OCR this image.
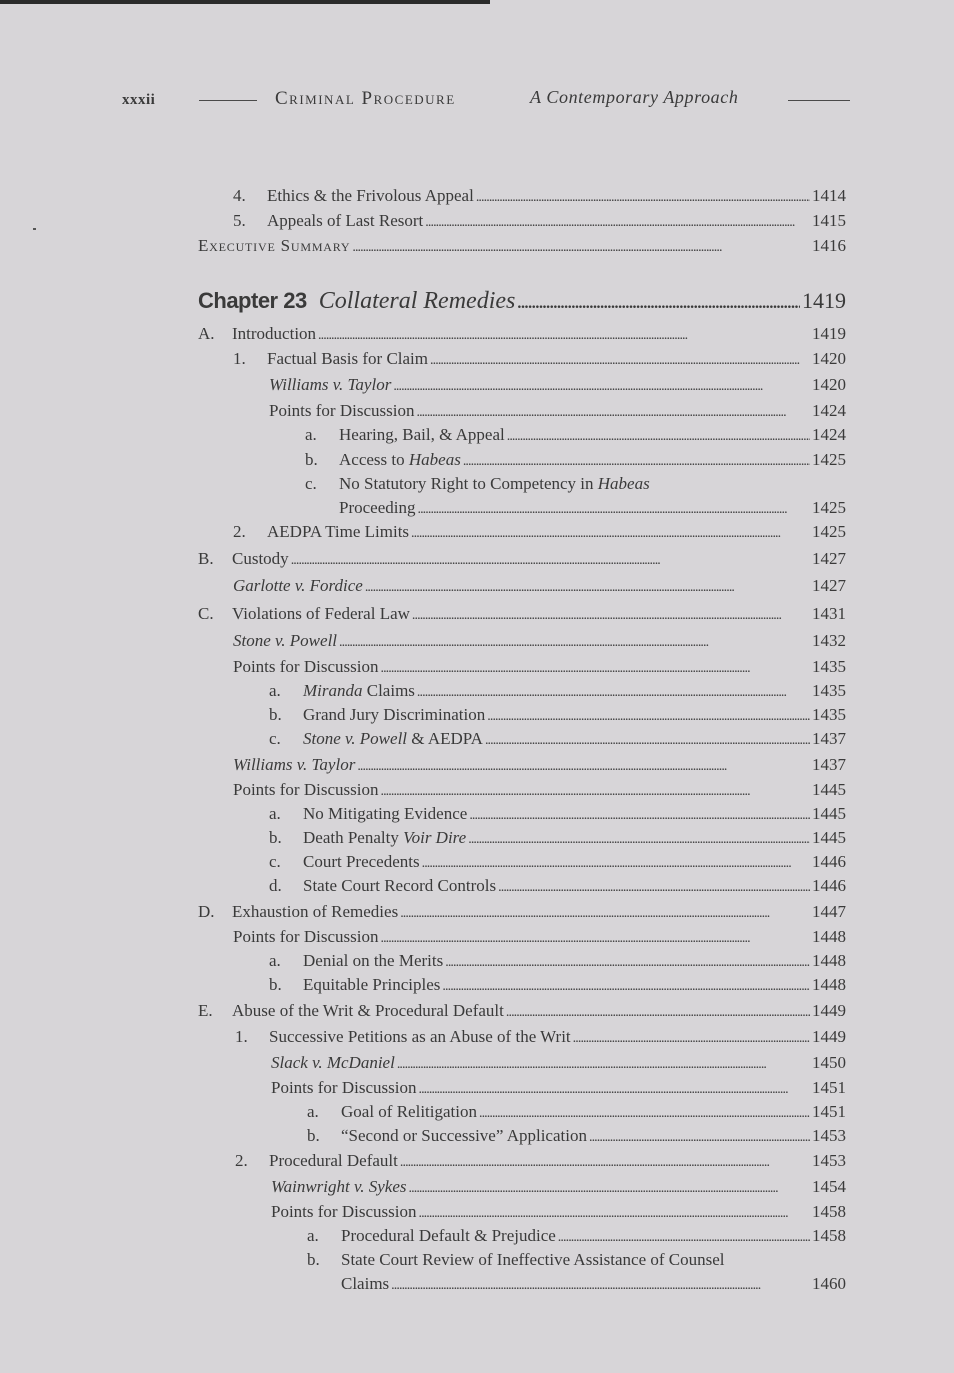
xxxii	Criminal Procedure	A Contemporary Approach
4.	Ethics & the Frivolous Appeal . . .	1414
5.	Appeals of Last Resort . . .	1415
Executive Summary . . .	1416
Chapter 23 Collateral Remedies . . .	1419
A.	Introduction . . .	1419
1.	Factual Basis for Claim . . .	1420
Williams v. Taylor . . .	1420
Points for Discussion . . .	1424
a.	Hearing, Bail, & Appeal . . .	1424
b.	Access to Habeas . . .	1425
c.	No Statutory Right to Competency in Habeas
Proceeding . . .	1425
2.	AEDPA Time Limits . . .	1425
B.	Custody . . .	1427
Garlotte v. Fordice . . .	1427
C.	Violations of Federal Law . . .	1431
Stone v. Powell . . .	1432
Points for Discussion . . .	1435
a.	Miranda Claims . . .	1435
b.	Grand Jury Discrimination . . .	1435
c.	Stone v. Powell & AEDPA . . .	1437
Williams v. Taylor . . .	1437
Points for Discussion . . .	1445
a.	No Mitigating Evidence . . .	1445
b.	Death Penalty Voir Dire . . .	1445
c.	Court Precedents . . .	1446
d.	State Court Record Controls . . .	1446
D.	Exhaustion of Remedies . . .	1447
Points for Discussion . . .	1448
a.	Denial on the Merits . . .	1448
b.	Equitable Principles . . .	1448
E.	Abuse of the Writ & Procedural Default . . .	1449
1.	Successive Petitions as an Abuse of the Writ . . .	1449
Slack v. McDaniel . . .	1450
Points for Discussion . . .	1451
a.	Goal of Relitigation . . .	1451
b.	“Second or Successive” Application . . .	1453
2.	Procedural Default . . .	1453
Wainwright v. Sykes . . .	1454
Points for Discussion . . .	1458
a.	Procedural Default & Prejudice . . .	1458
b.	State Court Review of Ineffective Assistance of Counsel
Claims . . .	1460
